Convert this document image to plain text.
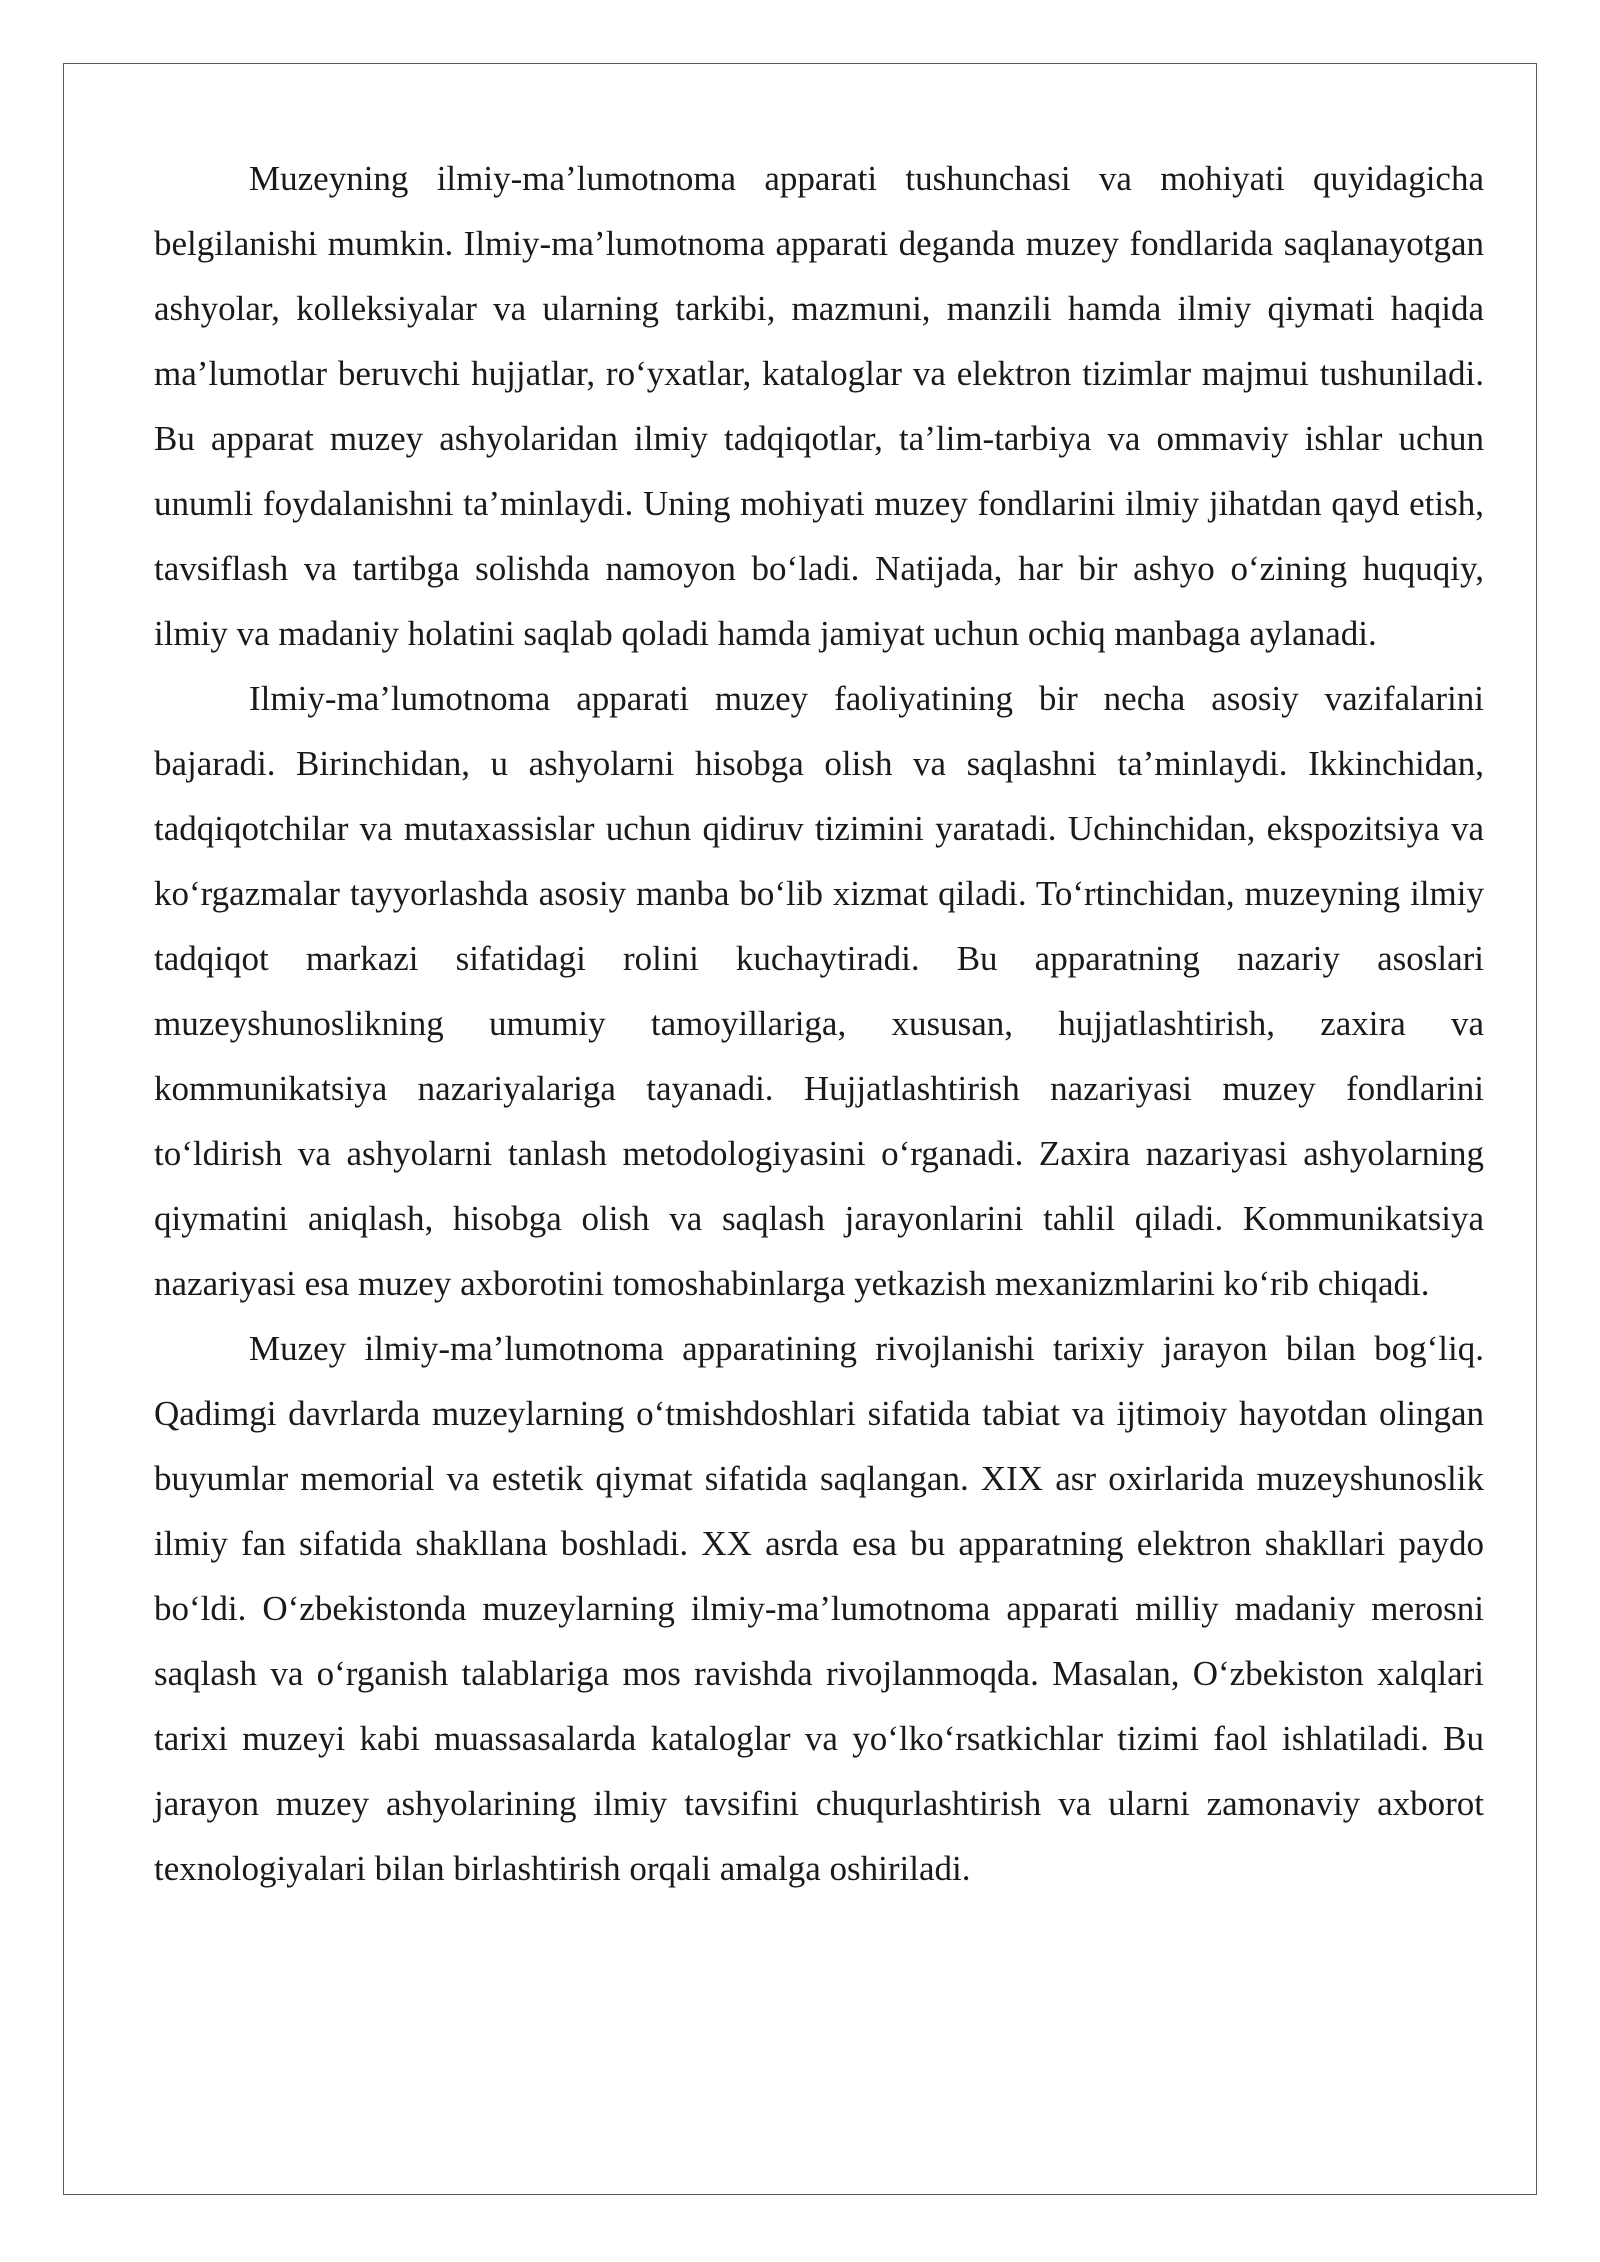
Muzeyning ilmiy-ma’lumotnoma apparati tushunchasi va mohiyati quyidagicha belgilanishi mumkin. Ilmiy-ma’lumotnoma apparati deganda muzey fondlarida saqlanayotgan ashyolar, kolleksiyalar va ularning tarkibi, mazmuni, manzili hamda ilmiy qiymati haqida ma’lumotlar beruvchi hujjatlar, ro‘yxatlar, kataloglar va elektron tizimlar majmui tushuniladi. Bu apparat muzey ashyolaridan ilmiy tadqiqotlar, ta’lim-tarbiya va ommaviy ishlar uchun unumli foydalanishni ta’minlaydi. Uning mohiyati muzey fondlarini ilmiy jihatdan qayd etish, tavsiflash va tartibga solishda namoyon bo‘ladi. Natijada, har bir ashyo o‘zining huquqiy, ilmiy va madaniy holatini saqlab qoladi hamda jamiyat uchun ochiq manbaga aylanadi.

Ilmiy-ma’lumotnoma apparati muzey faoliyatining bir necha asosiy vazifalarini bajaradi. Birinchidan, u ashyolarni hisobga olish va saqlashni ta’minlaydi. Ikkinchidan, tadqiqotchilar va mutaxassislar uchun qidiruv tizimini yaratadi. Uchinchidan, ekspozitsiya va ko‘rgazmalar tayyorlashda asosiy manba bo‘lib xizmat qiladi. To‘rtinchidan, muzeyning ilmiy tadqiqot markazi sifatidagi rolini kuchaytiradi. Bu apparatning nazariy asoslari muzeyshunoslikning umumiy tamoyillariga, xususan, hujjatlashtirish, zaxira va kommunikatsiya nazariyalariga tayanadi. Hujjatlashtirish nazariyasi muzey fondlarini to‘ldirish va ashyolarni tanlash metodologiyasini o‘rganadi. Zaxira nazariyasi ashyolarning qiymatini aniqlash, hisobga olish va saqlash jarayonlarini tahlil qiladi. Kommunikatsiya nazariyasi esa muzey axborotini tomoshabinlarga yetkazish mexanizmlarini ko‘rib chiqadi.

Muzey ilmiy-ma’lumotnoma apparatining rivojlanishi tarixiy jarayon bilan bog‘liq. Qadimgi davrlarda muzeylarning o‘tmishdoshlari sifatida tabiat va ijtimoiy hayotdan olingan buyumlar memorial va estetik qiymat sifatida saqlangan. XIX asr oxirlarida muzeyshunoslik ilmiy fan sifatida shakllana boshladi. XX asrda esa bu apparatning elektron shakllari paydo bo‘ldi. O‘zbekistonda muzeylarning ilmiy-ma’lumotnoma apparati milliy madaniy merosni saqlash va o‘rganish talablariga mos ravishda rivojlanmoqda. Masalan, O‘zbekiston xalqlari tarixi muzeyi kabi muassasalarda kataloglar va yo‘lko‘rsatkichlar tizimi faol ishlatiladi. Bu jarayon muzey ashyolarining ilmiy tavsifini chuqurlashtirish va ularni zamonaviy axborot texnologiyalari bilan birlashtirish orqali amalga oshiriladi.
